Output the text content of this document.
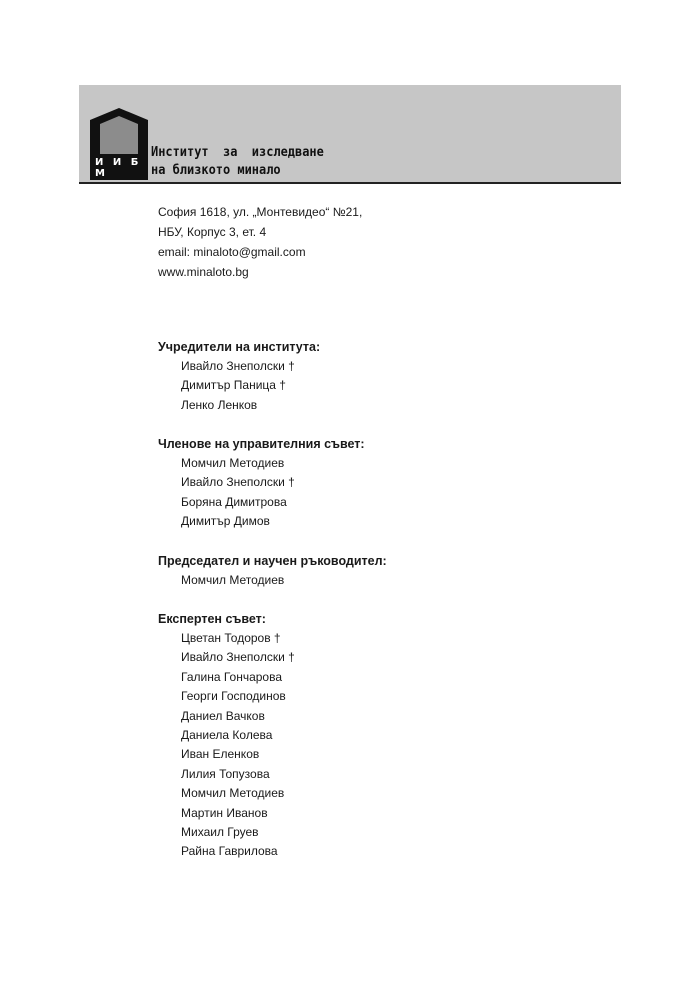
И И Б М
Институт  за  изследване
на близкото минало
София 1618, ул. „Монтевидео“ №21,
НБУ, Корпус 3, ет. 4
email: minaloto@gmail.com
www.minaloto.bg
Учредители на института:
Ивайло Знеполски †
Димитър Паница †
Ленко Ленков
Членове на управителния съвет:
Момчил Методиев
Ивайло Знеполски †
Боряна Димитрова
Димитър Димов
Председател и научен ръководител:
Момчил Методиев
Експертен съвет:
Цветан Тодоров †
Ивайло Знеполски †
Галина Гончарова
Георги Господинов
Даниел Вачков
Даниела Колева
Иван Еленков
Лилия Топузова
Момчил Методиев
Мартин Иванов
Михаил Груев
Райна Гаврилова
